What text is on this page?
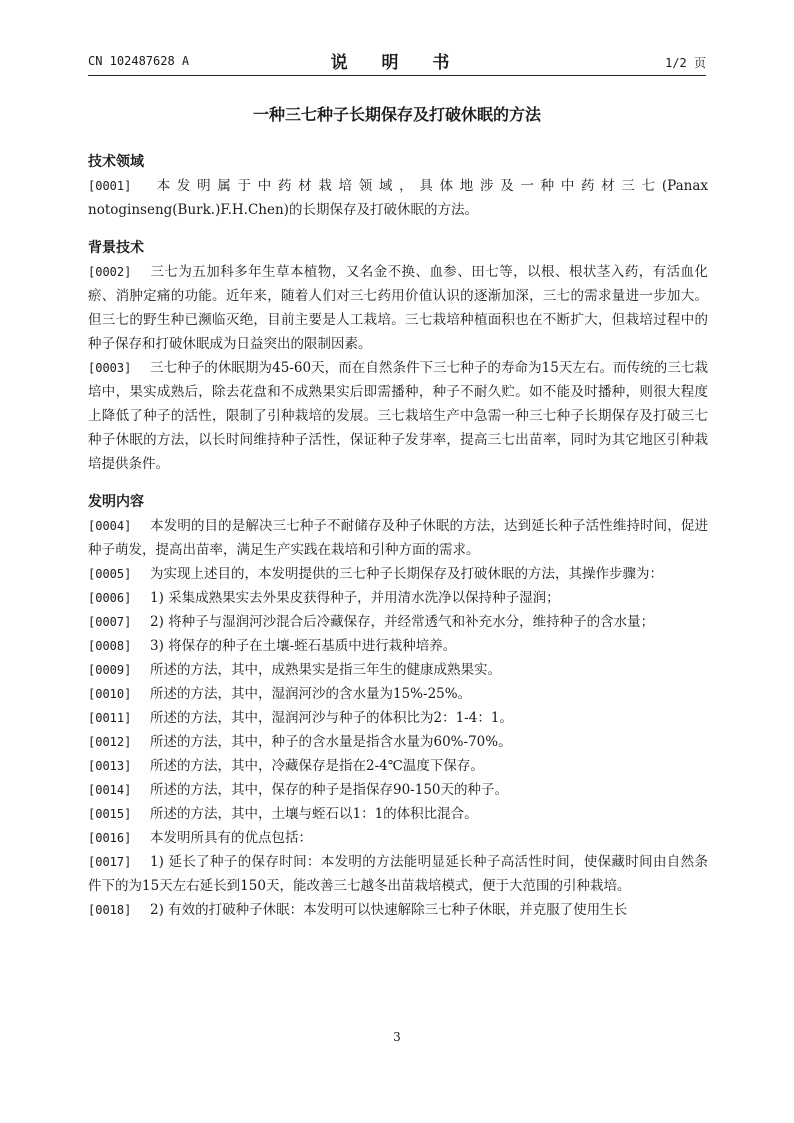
CN 102487628 A	说 明 书	1/2 页
一种三七种子长期保存及打破休眠的方法
技术领域
[0001] 本发明属于中药材栽培领域，具体地涉及一种中药材三七(Panax notoginseng(Burk.)F.H.Chen)的长期保存及打破休眠的方法。
背景技术
[0002] 三七为五加科多年生草本植物，又名金不换、血参、田七等，以根、根状茎入药，有活血化瘀、消肿定痛的功能。近年来，随着人们对三七药用价值认识的逐渐加深，三七的需求量进一步加大。但三七的野生种已濒临灭绝，目前主要是人工栽培。三七栽培种植面积也在不断扩大，但栽培过程中的种子保存和打破休眠成为日益突出的限制因素。
[0003] 三七种子的休眠期为45-60天，而在自然条件下三七种子的寿命为15天左右。而传统的三七栽培中，果实成熟后，除去花盘和不成熟果实后即需播种，种子不耐久贮。如不能及时播种，则很大程度上降低了种子的活性，限制了引种栽培的发展。三七栽培生产中急需一种三七种子长期保存及打破三七种子休眠的方法，以长时间维持种子活性，保证种子发芽率，提高三七出苗率，同时为其它地区引种栽培提供条件。
发明内容
[0004] 本发明的目的是解决三七种子不耐储存及种子休眠的方法，达到延长种子活性维持时间，促进种子萌发，提高出苗率，满足生产实践在栽培和引种方面的需求。
[0005] 为实现上述目的，本发明提供的三七种子长期保存及打破休眠的方法，其操作步骤为：
[0006] 1) 采集成熟果实去外果皮获得种子，并用清水洗净以保持种子湿润；
[0007] 2) 将种子与湿润河沙混合后冷藏保存，并经常透气和补充水分，维持种子的含水量；
[0008] 3) 将保存的种子在土壤-蛭石基质中进行栽种培养。
[0009] 所述的方法，其中，成熟果实是指三年生的健康成熟果实。
[0010] 所述的方法，其中，湿润河沙的含水量为15%-25%。
[0011] 所述的方法，其中，湿润河沙与种子的体积比为2：1-4：1。
[0012] 所述的方法，其中，种子的含水量是指含水量为60%-70%。
[0013] 所述的方法，其中，冷藏保存是指在2-4℃温度下保存。
[0014] 所述的方法，其中，保存的种子是指保存90-150天的种子。
[0015] 所述的方法，其中，土壤与蛭石以1：1的体积比混合。
[0016] 本发明所具有的优点包括：
[0017] 1) 延长了种子的保存时间：本发明的方法能明显延长种子高活性时间，使保藏时间由自然条件下的为15天左右延长到150天，能改善三七越冬出苗栽培模式，便于大范围的引种栽培。
[0018] 2) 有效的打破种子休眠：本发明可以快速解除三七种子休眠，并克服了使用生长
3
